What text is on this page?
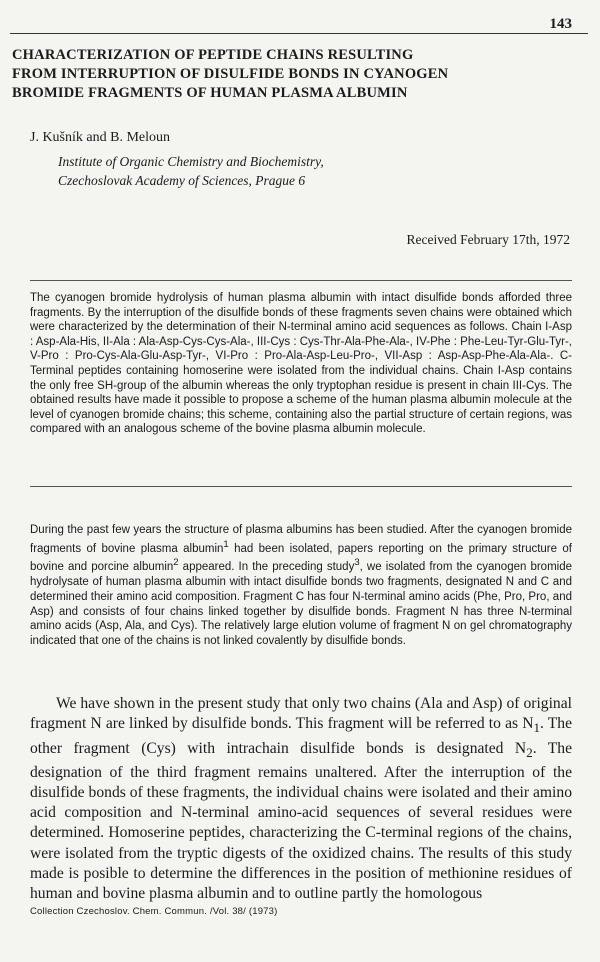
143
CHARACTERIZATION OF PEPTIDE CHAINS RESULTING
FROM INTERRUPTION OF DISULFIDE BONDS IN CYANOGEN
BROMIDE FRAGMENTS OF HUMAN PLASMA ALBUMIN
J. Kušník and B. Meloun
Institute of Organic Chemistry and Biochemistry,
Czechoslovak Academy of Sciences, Prague 6
Received February 17th, 1972

The cyanogen bromide hydrolysis of human plasma albumin with intact disulfide bonds afforded three fragments. By the interruption of the disulfide bonds of these fragments seven chains were obtained which were characterized by the determination of their N-terminal amino acid sequences as follows. Chain I-Asp : Asp-Ala-His, II-Ala : Ala-Asp-Cys-Cys-Ala-, III-Cys : Cys-Thr-Ala-Phe-Ala-, IV-Phe : Phe-Leu-Tyr-Glu-Tyr-, V-Pro : Pro-Cys-Ala-Glu-Asp-Tyr-, VI-Pro : Pro-Ala-Asp-Leu-Pro-, VII-Asp : Asp-Asp-Phe-Ala-Ala-. C-Terminal peptides containing homoserine were isolated from the individual chains. Chain I-Asp contains the only free SH-group of the albumin whereas the only tryptophan residue is present in chain III-Cys. The obtained results have made it possible to propose a scheme of the human plasma albumin molecule at the level of cyanogen bromide chains; this scheme, containing also the partial structure of certain regions, was compared with an analogous scheme of the bovine plasma albumin molecule.

During the past few years the structure of plasma albumins has been studied. After the cyanogen bromide fragments of bovine plasma albumin$^1$ had been isolated, papers reporting on the primary structure of bovine and porcine albumin$^2$ appeared. In the preceding study$^3$, we isolated from the cyanogen bromide hydrolysate of human plasma albumin with intact disulfide bonds two fragments, designated N and C and determined their amino acid composition. Fragment C has four N-terminal amino acids (Phe, Pro, Pro, and Asp) and consists of four chains linked together by disulfide bonds. Fragment N has three N-terminal amino acids (Asp, Ala, and Cys). The relatively large elution volume of fragment N on gel chromatography indicated that one of the chains is not linked covalently by disulfide bonds.

We have shown in the present study that only two chains (Ala and Asp) of original fragment N are linked by disulfide bonds. This fragment will be referred to as $N_1$. The other fragment (Cys) with intrachain disulfide bonds is designated $N_2$. The designation of the third fragment remains unaltered. After the interruption of the disulfide bonds of these fragments, the individual chains were isolated and their amino acid composition and N-terminal amino-acid sequences of several residues were determined. Homoserine peptides, characterizing the C-terminal regions of the chains, were isolated from the tryptic digests of the oxidized chains. The results of this study made is posible to determine the differences in the position of methionine residues of human and bovine plasma albumin and to outline partly the homologous

Collection Czechoslov. Chem. Commun. /Vol. 38/ (1973)
